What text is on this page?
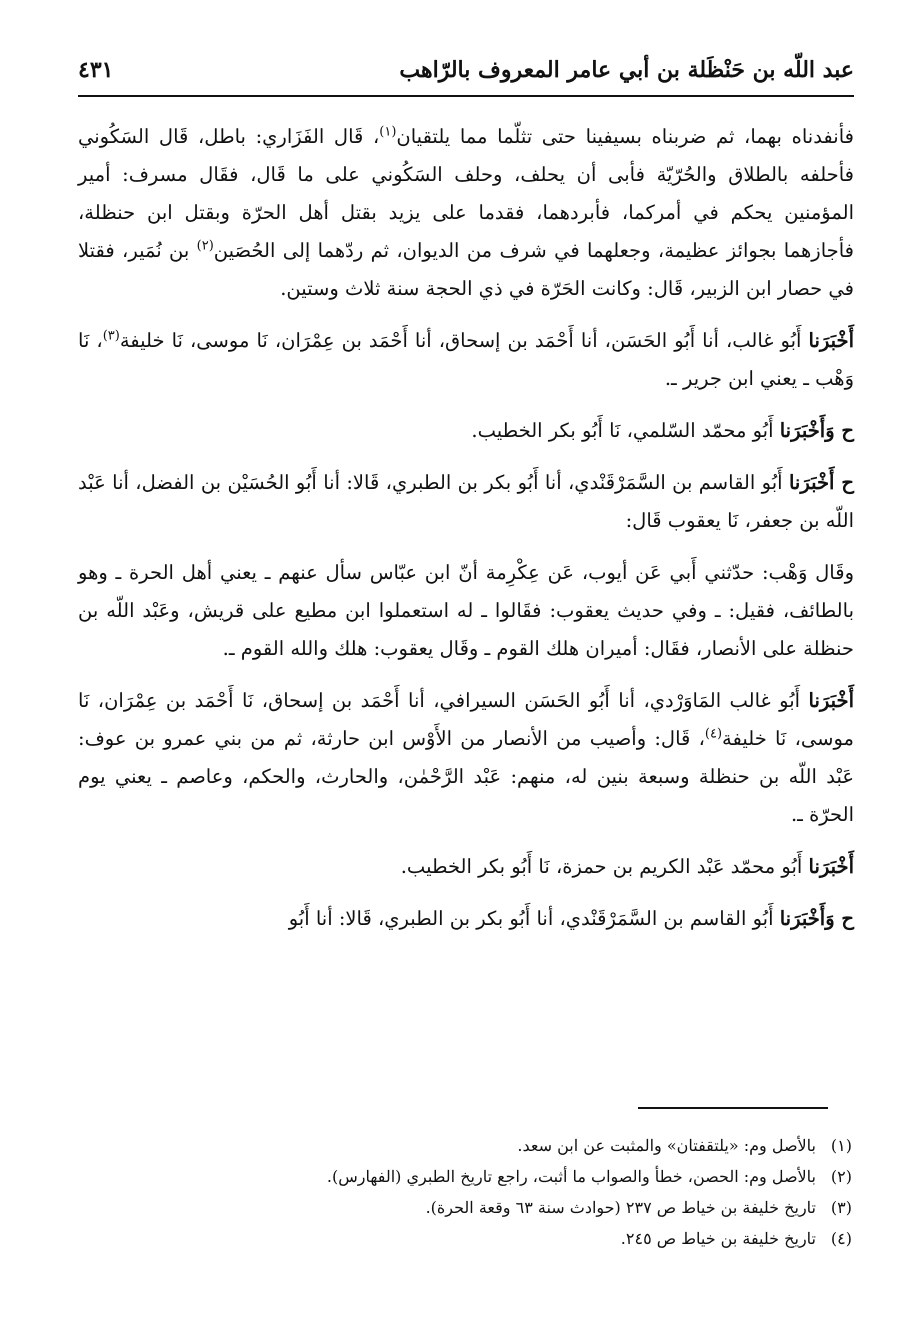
عبد اللّه بن حَنْظَلة بن أبي عامر المعروف بالرّاهب
٤٣١

فأنفدناه بهما، ثم ضربناه بسيفينا حتى تثلّما مما يلتقيان$^{(١)}$، قَال الفَزَاري: باطل، قَال السَكُوني فأحلفه بالطلاق والحُرّيّة فأبى أن يحلف، وحلف السَكُوني على ما قَال، فقَال مسرف: أمير المؤمنين يحكم في أمركما، فأبردهما، فقدما على يزيد بقتل أهل الحرّة وبقتل ابن حنظلة، فأجازهما بجوائز عظيمة، وجعلهما في شرف من الديوان، ثم ردّهما إلى الحُصَين$^{(٢)}$ بن نُمَير، فقتلا في حصار ابن الزبير، قَال: وكانت الحَرّة في ذي الحجة سنة ثلاث وستين.

أَخْبَرَنا أَبُو غالب، أنا أَبُو الحَسَن، أنا أَحْمَد بن إسحاق، أنا أَحْمَد بن عِمْرَان، نَا موسى، نَا خليفة$^{(٣)}$، نَا وَهْب ـ يعني ابن جرير ـ.

ح وَأَخْبَرَنا أَبُو محمّد السّلمي، نَا أَبُو بكر الخطيب.

ح أَخْبَرَنا أَبُو القاسم بن السَّمَرْقَنْدي، أنا أَبُو بكر بن الطبري، قَالا: أنا أَبُو الحُسَيْن بن الفضل، أنا عَبْد اللّه بن جعفر، نَا يعقوب قَال:

وقَال وَهْب: حدّثني أَبي عَن أيوب، عَن عِكْرِمة أنّ ابن عبّاس سأل عنهم ـ يعني أهل الحرة ـ وهو بالطائف، فقيل: ـ وفي حديث يعقوب: فقَالوا ـ له استعملوا ابن مطيع على قريش، وعَبْد اللّه بن حنظلة على الأنصار، فقَال: أميران هلك القوم ـ وقَال يعقوب: هلك والله القوم ـ.

أَخْبَرَنا أَبُو غالب المَاوَرْدي، أنا أَبُو الحَسَن السيرافي، أنا أَحْمَد بن إسحاق، نَا أَحْمَد بن عِمْرَان، نَا موسى، نَا خليفة$^{(٤)}$، قَال: وأصيب من الأنصار من الأَوْس ابن حارثة، ثم من بني عمرو بن عوف: عَبْد اللّه بن حنظلة وسبعة بنين له، منهم: عَبْد الرَّحْمٰن، والحارث، والحكم، وعاصم ـ يعني يوم الحرّة ـ.

أَخْبَرَنا أَبُو محمّد عَبْد الكريم بن حمزة، نَا أَبُو بكر الخطيب.

ح وَأَخْبَرَنا أَبُو القاسم بن السَّمَرْقَنْدي، أنا أَبُو بكر بن الطبري، قَالا: أنا أَبُو

(١)بالأصل وم: «يلتقفتان» والمثبت عن ابن سعد.
(٢)بالأصل وم: الحصن، خطأ والصواب ما أثبت، راجع تاريخ الطبري (الفهارس).
(٣)تاريخ خليفة بن خياط ص ٢٣٧ (حوادث سنة ٦٣ وقعة الحرة).
(٤)تاريخ خليفة بن خياط ص ٢٤٥.
